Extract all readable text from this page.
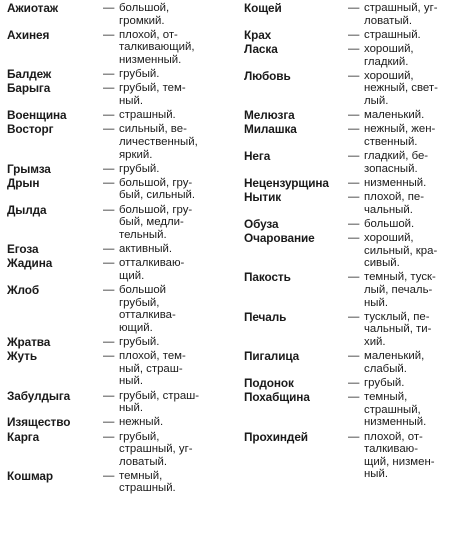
Ажиотаж	— большой,
громкий.
Ахинея	— плохой, от-
талкивающий,
низменный.
Балдеж	— грубый.
Барыга	— грубый, тем-
ный.
Военщина	— страшный.
Восторг	— сильный, ве-
личественный,
яркий.
Грымза	— грубый.
Дрын	— большой, гру-
бый, сильный.
Дылда	— большой, гру-
бый, медли-
тельный.
Егоза	— активный.
Жадина	— отталкиваю-
щий.
Жлоб	— большой
грубый,
отталкива-
ющий.
Жратва	— грубый.
Жуть	— плохой, тем-
ный, страш-
ный.
Забулдыга	— грубый, страш-
ный.
Изящество	— нежный.
Карга	— грубый,
страшный, уг-
ловатый.
Кошмар	— темный,
страшный.
Кощей	— страшный, уг-
ловатый.
Крах	— страшный.
Ласка	— хороший,
гладкий.
Любовь	— хороший,
нежный, свет-
лый.
Мелюзга	— маленький.
Милашка	— нежный, жен-
ственный.
Нега	— гладкий, бе-
зопасный.
Нецензурщина	— низменный.
Нытик	— плохой, пе-
чальный.
Обуза	— большой.
Очарование	— хороший,
сильный, кра-
сивый.
Пакость	— темный, туск-
лый, печаль-
ный.
Печаль	— тусклый, пе-
чальный, ти-
хий.
Пигалица	— маленький,
слабый.
Подонок	— грубый.
Похабщина	— темный,
страшный,
низменный.
Прохиндей	— плохой, от-
талкиваю-
щий, низмен-
ный.
